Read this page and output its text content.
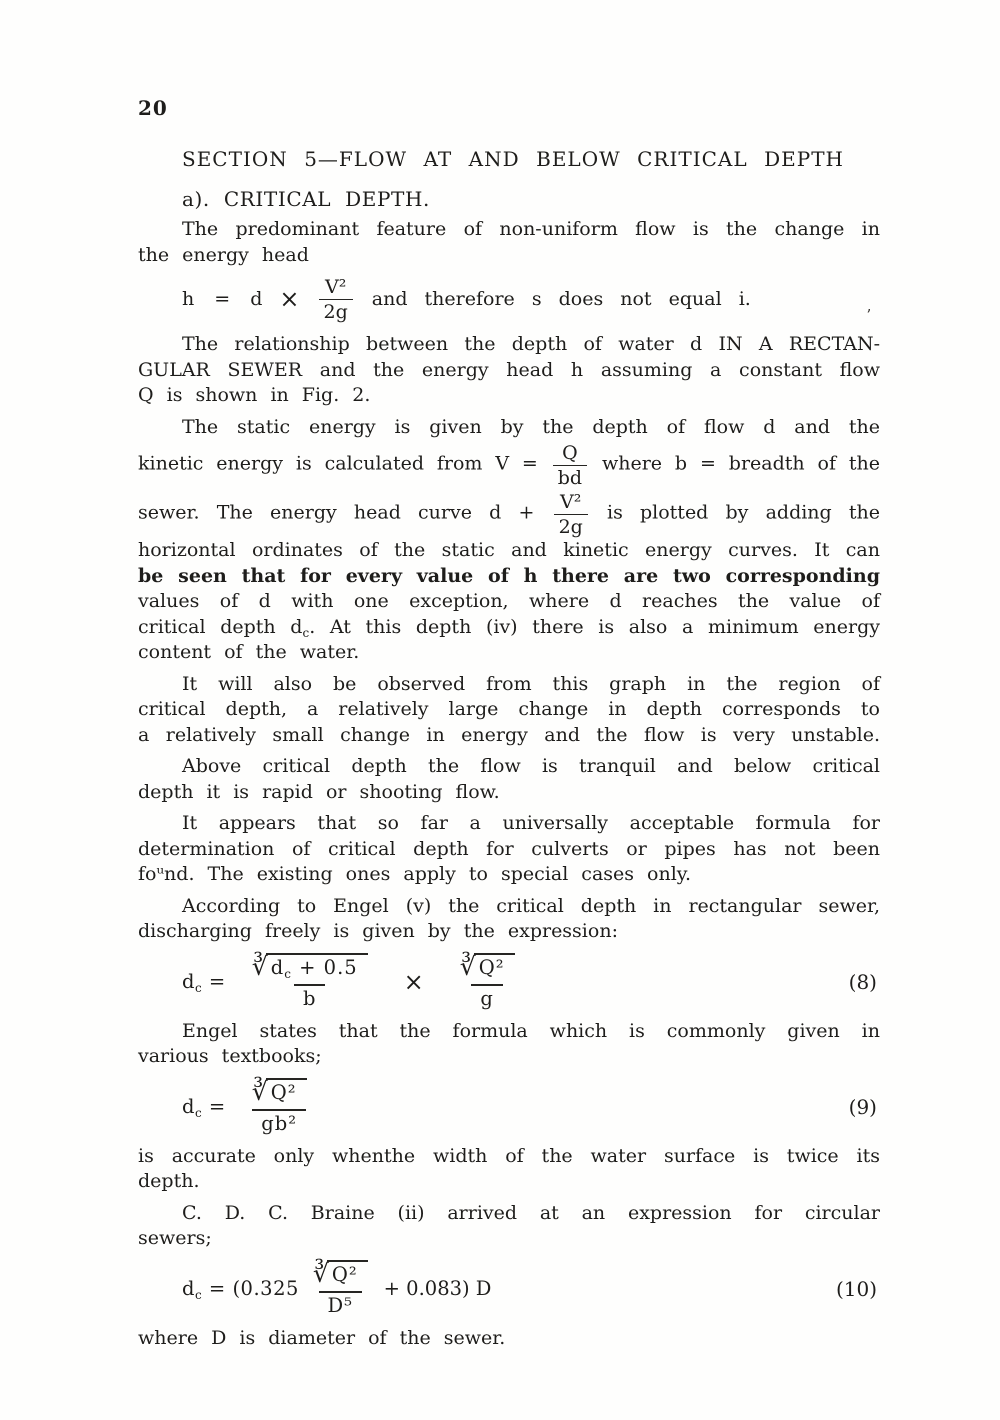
ʼ
20
SECTION 5—FLOW AT AND BELOW CRITICAL DEPTH
a). CRITICAL DEPTH.
The predominant feature of non-uniform flow is the change in
the energy head
$h = d \times \frac{\text{V²}}{2g}$ and therefore s does not equal i.
The relationship between the depth of water d IN A RECTAN-
GULAR SEWER and the energy head h assuming a constant flow
Q is shown in Fig. 2.
The static energy is given by the depth of flow d and the
kinetic energy is calculated from $V = \frac{Q}{bd}$ where b = breadth of the
sewer. The energy head curve $d + \frac{\text{V²}}{2g}$ is plotted by adding the
horizontal ordinates of the static and kinetic energy curves. It can
be seen that for every value of h there are two corresponding
values of d with one exception, where d reaches the value of
critical depth $d_c$. At this depth (iv) there is also a minimum energy
content of the water.
It will also be observed from this graph in the region of
critical depth, a relatively large change in depth corresponds to
a relatively small change in energy and the flow is very unstable.
Above critical depth the flow is tranquil and below critical
depth it is rapid or shooting flow.
It appears that so far a universally acceptable formula for
determination of critical depth for culverts or pipes has not been
foᵘnd. The existing ones apply to special cases only.
According to Engel (v) the critical depth in rectangular sewer,
discharging freely is given by the expression:
$d_c = \frac{∛ d_c + 0.5}{b} \times \frac{\text{∛ Q²}}{g}$	(8)
Engel states that the formula which is commonly given in
various textbooks;
$d_c = \frac{\text{∛ Q²}}{\text{gb²}}$	(9)
is accurate only whenthe width of the water surface is twice its
depth.
C. D. C. Braine (ii) arrived at an expression for circular
sewers;
$d_c = (0.325 \frac{\text{∛ Q²}}{\text{D⁵}} + 0.083)$ D	(10)
where D is diameter of the sewer.
